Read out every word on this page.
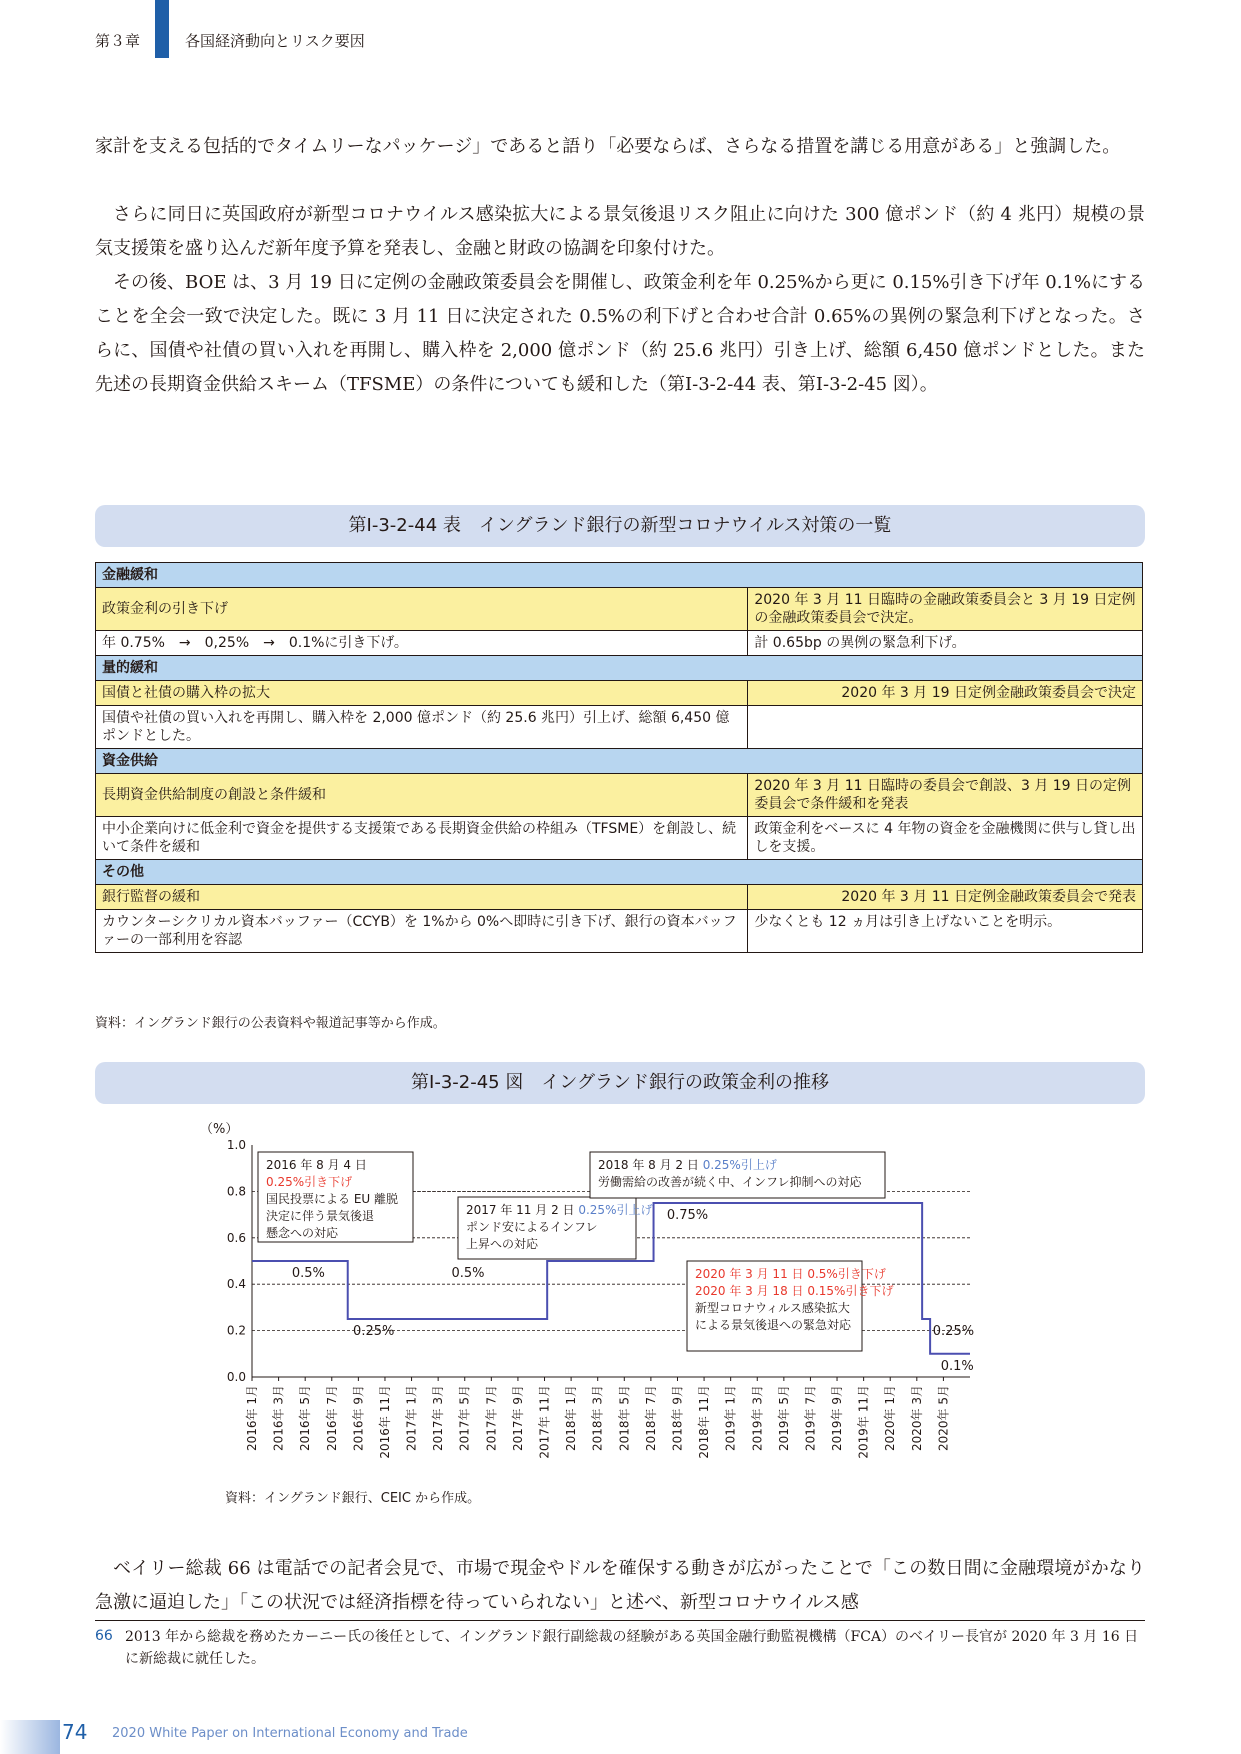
第３章	各国経済動向とリスク要因
家計を支える包括的でタイムリーなパッケージ」であると語り「必要ならば、さらなる措置を講じる用意がある」と強調した。
さらに同日に英国政府が新型コロナウイルス感染拡大による景気後退リスク阻止に向けた 300 億ポンド（約 4 兆円）規模の景気支援策を盛り込んだ新年度予算を発表し、金融と財政の協調を印象付けた。
その後、BOE は、3 月 19 日に定例の金融政策委員会を開催し、政策金利を年 0.25%から更に 0.15%引き下げ年 0.1%にすることを全会一致で決定した。既に 3 月 11 日に決定された 0.5%の利下げと合わせ合計 0.65%の異例の緊急利下げとなった。さらに、国債や社債の買い入れを再開し、購入枠を 2,000 億ポンド（約 25.6 兆円）引き上げ、総額 6,450 億ポンドとした。また先述の長期資金供給スキーム（TFSME）の条件についても緩和した（第Ⅰ-3-2-44 表、第Ⅰ-3-2-45 図）。
第Ⅰ-3-2-44 表　イングランド銀行の新型コロナウイルス対策の一覧
金融緩和	
政策金利の引き下げ	2020 年 3 月 11 日臨時の金融政策委員会と 3 月 19 日定例の金融政策委員会で決定。
年 0.75%　→　0,25%　→　0.1%に引き下げ。	計 0.65bp の異例の緊急利下げ。
量的緩和	
国債と社債の購入枠の拡大	2020 年 3 月 19 日定例金融政策委員会で決定
国債や社債の買い入れを再開し、購入枠を 2,000 億ポンド（約 25.6 兆円）引上げ、総額 6,450 億ポンドとした。	
資金供給	
長期資金供給制度の創設と条件緩和	2020 年 3 月 11 日臨時の委員会で創設、3 月 19 日の定例委員会で条件緩和を発表
中小企業向けに低金利で資金を提供する支援策である長期資金供給の枠組み（TFSME）を創設し、続いて条件を緩和	政策金利をベースに 4 年物の資金を金融機関に供与し貸し出しを支援。
その他	
銀行監督の緩和	2020 年 3 月 11 日定例金融政策委員会で発表
カウンターシクリカル資本バッファー（CCYB）を 1%から 0%へ即時に引き下げ、銀行の資本バッファーの一部利用を容認	少なくとも 12 ヵ月は引き上げないことを明示。
資料：イングランド銀行の公表資料や報道記事等から作成。
第Ⅰ-3-2-45 図　イングランド銀行の政策金利の推移
（%）
0.0
0.2
0.4
0.6
0.8
1.0
2016年 1月 2016年 3月 2016年 5月 2016年 7月 2016年 9月 2016年 11月 2017年 1月 2017年 3月 2017年 5月 2017年 7月 2017年 9月 2017年 11月 2018年 1月 2018年 3月 2018年 5月 2018年 7月 2018年 9月 2018年 11月 2019年 1月 2019年 3月 2019年 5月 2019年 7月 2019年 9月 2019年 11月 2020年 1月 2020年 3月 2020年 5月
0.5%
0.25%
0.5%
0.75%
0.25%
0.1%
2016 年 8 月 4 日
0.25%引き下げ
国民投票による EU 離脱
決定に伴う景気後退
懸念への対応
2017 年 11 月 2 日 0.25%引上げ
ポンド安によるインフレ
上昇への対応
2018 年 8 月 2 日 0.25%引上げ
労働需給の改善が続く中、インフレ抑制への対応
2020 年 3 月 11 日 0.5%引き下げ
2020 年 3 月 18 日 0.15%引き下げ
新型コロナウィルス感染拡大
による景気後退への緊急対応
資料：イングランド銀行、CEIC から作成。
ベイリー総裁 66 は電話での記者会見で、市場で現金やドルを確保する動きが広がったことで「この数日間に金融環境がかなり急激に逼迫した」「この状況では経済指標を待っていられない」と述べ、新型コロナウイルス感
66 2013 年から総裁を務めたカーニー氏の後任として、イングランド銀行副総裁の経験がある英国金融行動監視機構（FCA）のベイリー長官が 2020 年 3 月 16 日に新総裁に就任した。
74 2020 White Paper on International Economy and Trade
